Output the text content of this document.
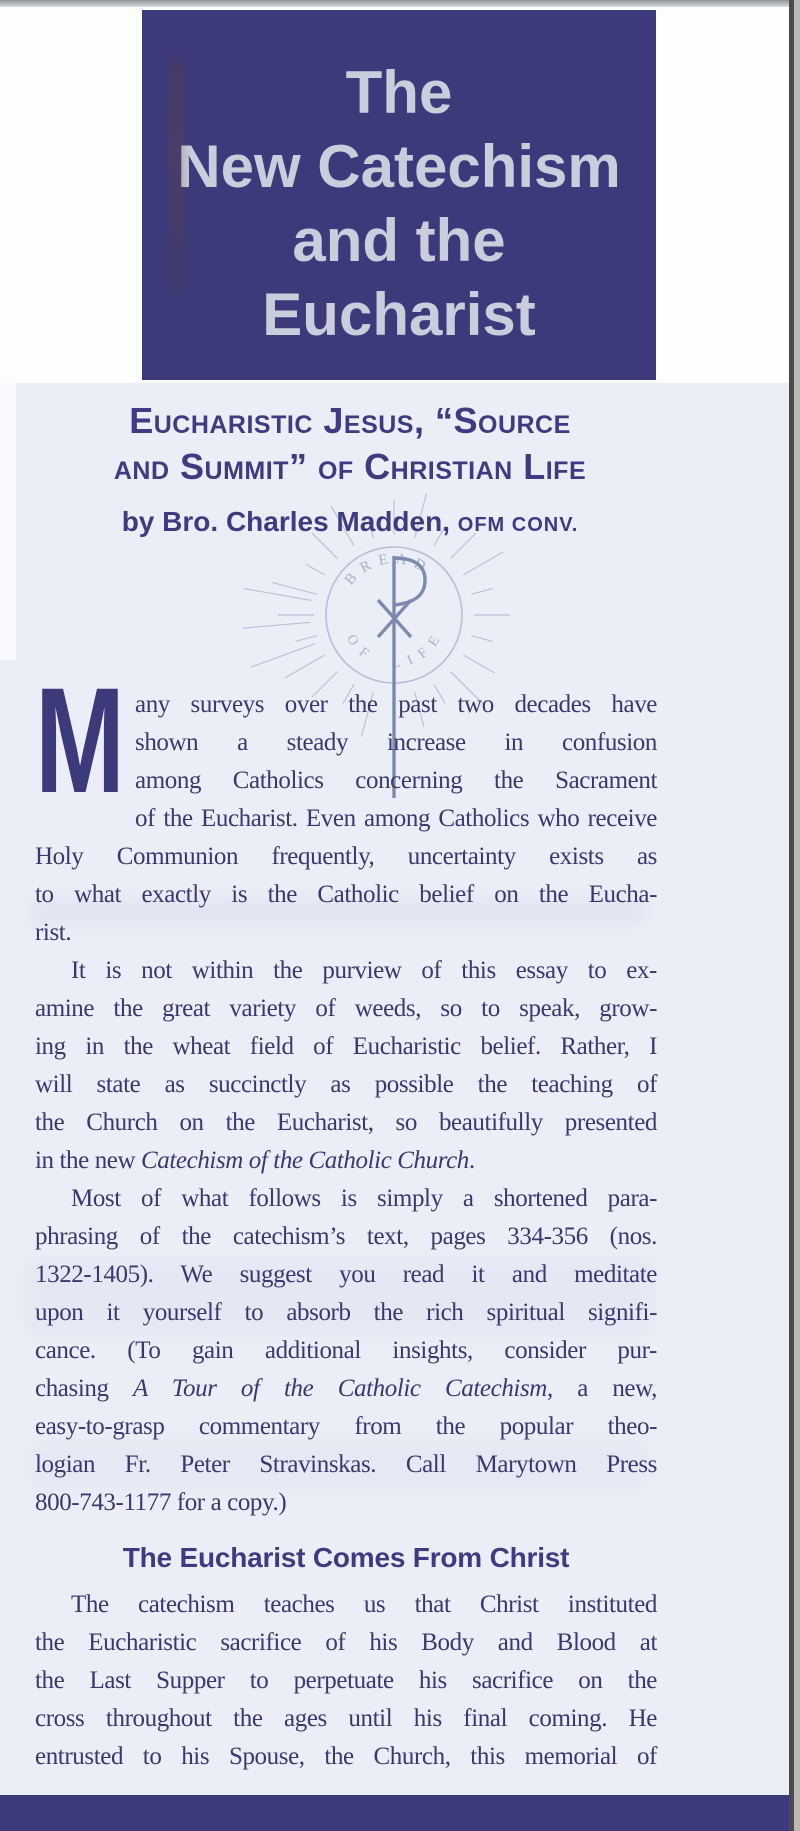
The
New Catechism
and the
Eucharist
Eucharistic Jesus, “Source
and Summit” of Christian Life
by Bro. Charles Madden, OFM CONV.
B R E A D
O F
L I F E
M any surveys over the past two decades have
shown a steady increase in confusion
among Catholics concerning the Sacrament
of the Eucharist. Even among Catholics who receive
Holy Communion frequently, uncertainty exists as
to what exactly is the Catholic belief on the Eucha-
rist.
It is not within the purview of this essay to ex-
amine the great variety of weeds, so to speak, grow-
ing in the wheat field of Eucharistic belief. Rather, I
will state as succinctly as possible the teaching of
the Church on the Eucharist, so beautifully presented
in the new Catechism of the Catholic Church.
Most of what follows is simply a shortened para-
phrasing of the catechism’s text, pages 334-356 (nos.
1322-1405). We suggest you read it and meditate
upon it yourself to absorb the rich spiritual signifi-
cance. (To gain additional insights, consider pur-
chasing A Tour of the Catholic Catechism, a new,
easy-to-grasp commentary from the popular theo-
logian Fr. Peter Stravinskas. Call Marytown Press
800-743-1177 for a copy.)
The Eucharist Comes From Christ
The catechism teaches us that Christ instituted
the Eucharistic sacrifice of his Body and Blood at
the Last Supper to perpetuate his sacrifice on the
cross throughout the ages until his final coming. He
entrusted to his Spouse, the Church, this memorial of
